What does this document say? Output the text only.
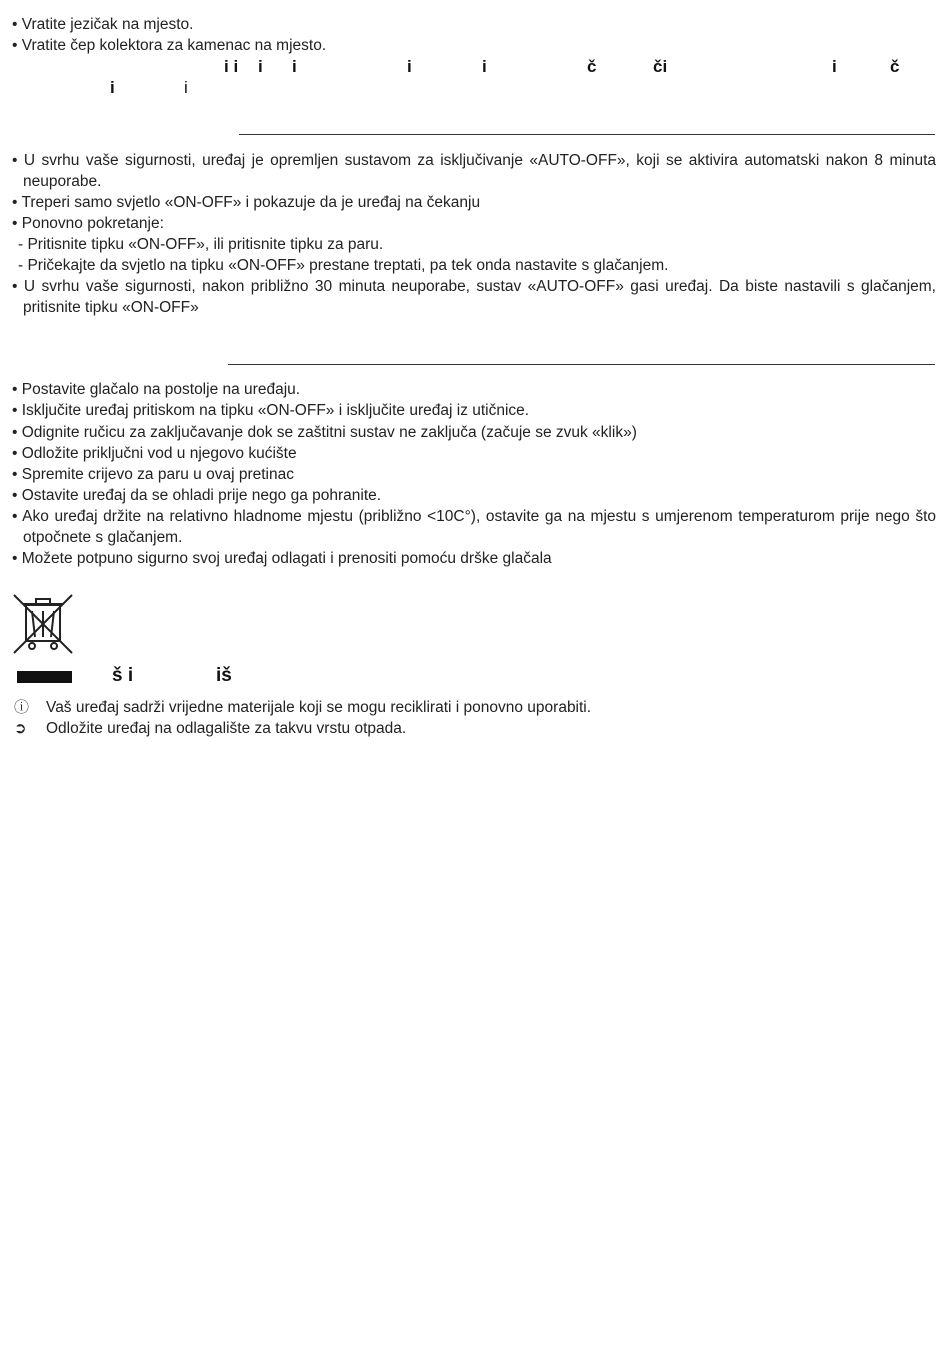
• Vratite jezičak na mjesto.
• Vratite čep kolektora za kamenac na mjesto.
i i i i	i	i	č	či	i	č
i	i
• U svrhu vaše sigurnosti, uređaj je opremljen sustavom za isključivanje «AUTO-OFF», koji se aktivira automatski nakon 8 minuta neuporabe.
• Treperi samo svjetlo «ON-OFF» i pokazuje da je uređaj na čekanju
• Ponovno pokretanje:
- Pritisnite tipku «ON-OFF», ili pritisnite tipku za paru.
- Pričekajte da svjetlo na tipku «ON-OFF» prestane treptati, pa tek onda nastavite s glačanjem.
• U svrhu vaše sigurnosti, nakon približno 30 minuta neuporabe, sustav «AUTO-OFF» gasi uređaj. Da biste nastavili s glačanjem, pritisnite tipku «ON-OFF»
• Postavite glačalo na postolje na uređaju.
• Isključite uređaj pritiskom na tipku «ON-OFF» i isključite uređaj iz utičnice.
• Odignite ručicu za zaključavanje dok se zaštitni sustav ne zaključa (začuje se zvuk «klik»)
• Odložite priključni vod u njegovo kućište
• Spremite crijevo za paru u ovaj pretinac
• Ostavite uređaj da se ohladi prije nego ga pohranite.
• Ako uređaj držite na relativno hladnome mjestu (približno <10C°), ostavite ga na mjestu s umjerenom temperaturom prije nego što otpočnete s glačanjem.
• Možete potpuno sigurno svoj uređaj odlagati i prenositi pomoću drške glačala
š i	iš
ⓘ Vaš uređaj sadrži vrijedne materijale koji se mogu reciklirati i ponovno uporabiti.
➲ Odložite uređaj na odlagalište za takvu vrstu otpada.
